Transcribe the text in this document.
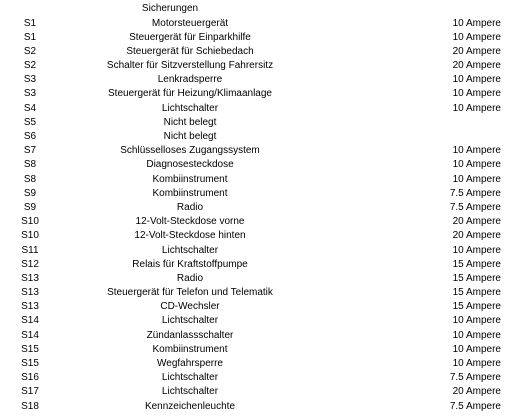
Sicherungen
S1	Motorsteuergerät	10 Ampere
S1	Steuergerät für Einparkhilfe	10 Ampere
S2	Steuergerät für Schiebedach	20 Ampere
S2	Schalter für Sitzverstellung Fahrersitz	20 Ampere
S3	Lenkradsperre	10 Ampere
S3	Steuergerät für Heizung/Klimaanlage	10 Ampere
S4	Lichtschalter	10 Ampere
S5	Nicht belegt
S6	Nicht belegt
S7	Schlüsselloses Zugangssystem	10 Ampere
S8	Diagnosesteckdose	10 Ampere
S8	Kombiinstrument	10 Ampere
S9	Kombiinstrument	7.5 Ampere
S9	Radio	7.5 Ampere
S10	12-Volt-Steckdose vorne	20 Ampere
S10	12-Volt-Steckdose hinten	20 Ampere
S11	Lichtschalter	10 Ampere
S12	Relais für Kraftstoffpumpe	15 Ampere
S13	Radio	15 Ampere
S13	Steuergerät für Telefon und Telematik	15 Ampere
S13	CD-Wechsler	15 Ampere
S14	Lichtschalter	10 Ampere
S14	Zündanlassschalter	10 Ampere
S15	Kombiinstrument	10 Ampere
S15	Wegfahrsperre	10 Ampere
S16	Lichtschalter	7.5 Ampere
S17	Lichtschalter	20 Ampere
S18	Kennzeichenleuchte	7.5 Ampere
